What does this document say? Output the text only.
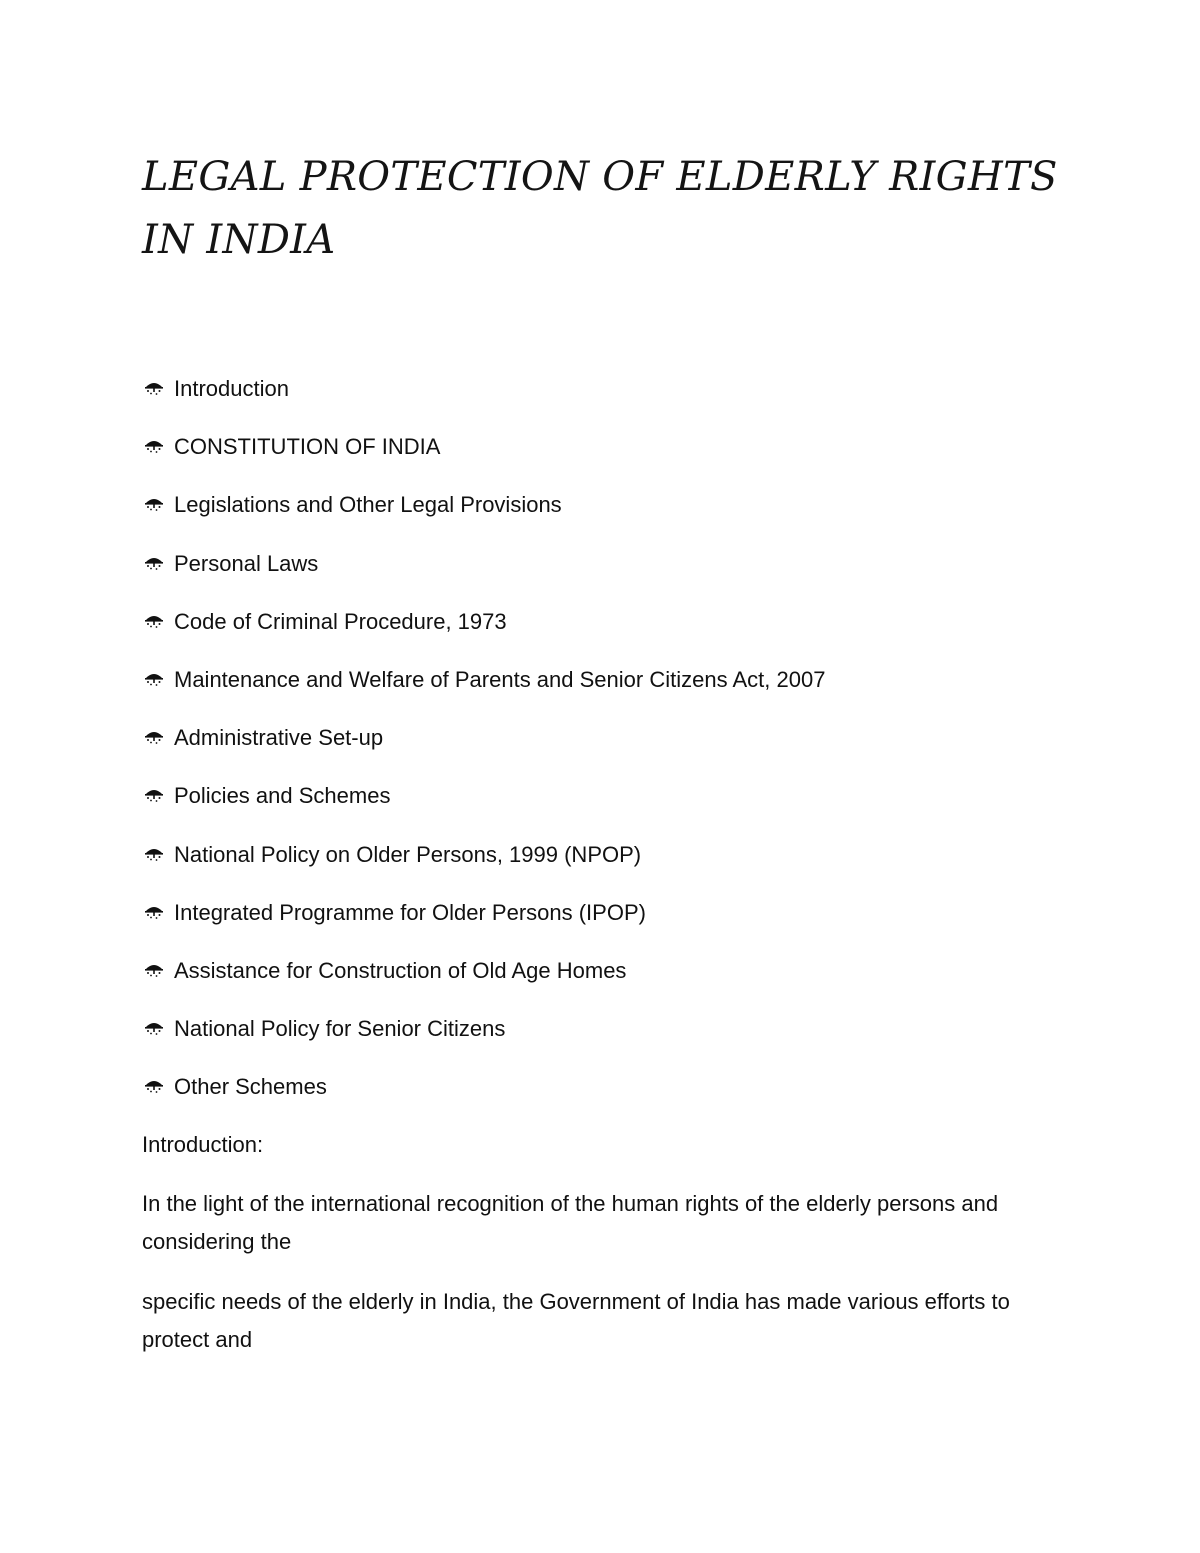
LEGAL PROTECTION OF ELDERLY RIGHTS IN INDIA
Introduction
CONSTITUTION OF INDIA
Legislations and Other Legal Provisions
Personal Laws
Code of Criminal Procedure, 1973
Maintenance and Welfare of Parents and Senior Citizens Act, 2007
Administrative Set-up
Policies and Schemes
National Policy on Older Persons, 1999 (NPOP)
Integrated Programme for Older Persons (IPOP)
Assistance for Construction of Old Age Homes
National Policy for Senior Citizens
Other Schemes
Introduction:

In the light of the international recognition of the human rights of the elderly persons and considering the

specific needs of the elderly in India, the Government of India has made various efforts to protect and
